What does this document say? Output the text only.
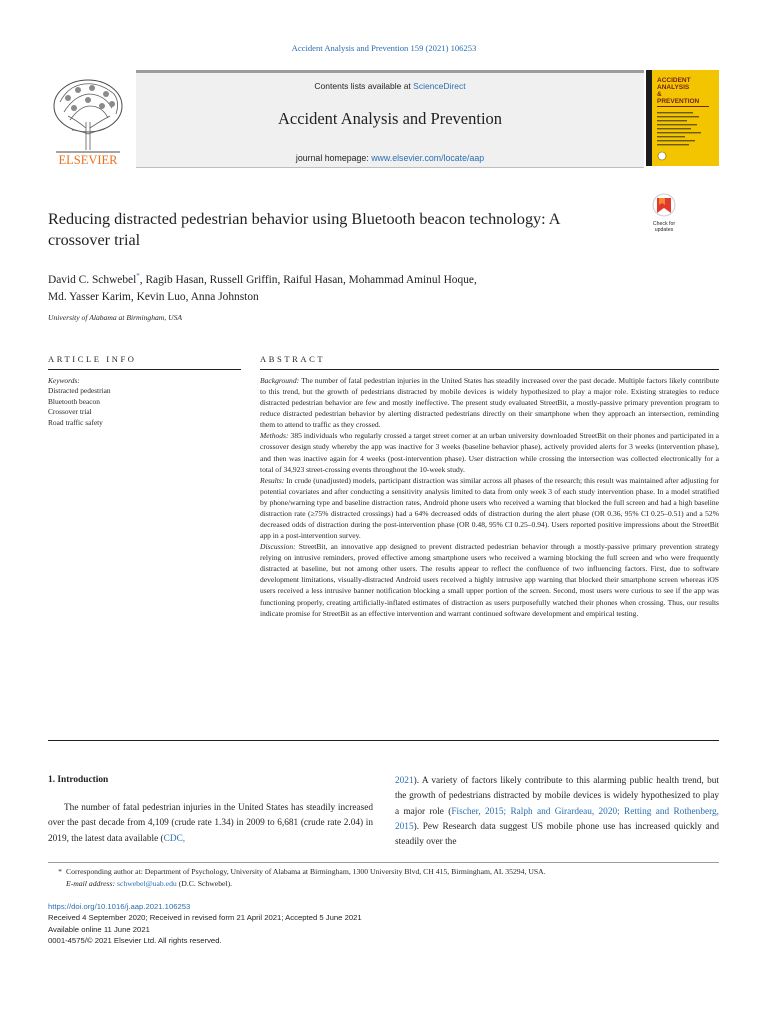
Accident Analysis and Prevention 159 (2021) 106253
ELSEVIER
Contents lists available at ScienceDirect
Accident Analysis and Prevention
journal homepage: www.elsevier.com/locate/aap
ACCIDENT
ANALYSIS
&
PREVENTION
Reducing distracted pedestrian behavior using Bluetooth beacon technology: A crossover trial
Check for
updates
David C. Schwebel*, Ragib Hasan, Russell Griffin, Raiful Hasan, Mohammad Aminul Hoque,
Md. Yasser Karim, Kevin Luo, Anna Johnston
University of Alabama at Birmingham, USA
ARTICLE INFO
Keywords:
Distracted pedestrian
Bluetooth beacon
Crossover trial
Road traffic safety
ABSTRACT

Background: The number of fatal pedestrian injuries in the United States has steadily increased over the past decade. Multiple factors likely contribute to this trend, but the growth of pedestrians distracted by mobile devices is widely hypothesized to play a major role. Existing strategies to reduce distracted pedestrian behavior are few and mostly ineffective. The present study evaluated StreetBit, a mostly-passive primary prevention program to reduce distracted pedestrian behavior by alerting distracted pedestrians directly on their smartphone when they approach an intersection, reminding them to attend to traffic as they crossed.

Methods: 385 individuals who regularly crossed a target street corner at an urban university downloaded StreetBit on their phones and participated in a crossover design study whereby the app was inactive for 3 weeks (baseline behavior phase), actively provided alerts for 3 weeks (intervention phase), and then was inactive again for 4 weeks (post-intervention phase). User distraction while crossing the intersection was collected electronically for a total of 34,923 street-crossing events throughout the 10-week study.

Results: In crude (unadjusted) models, participant distraction was similar across all phases of the research; this result was maintained after adjusting for potential covariates and after conducting a sensitivity analysis limited to data from only week 3 of each study intervention phase. In a model stratified by phone/warning type and baseline distraction rates, Android phone users who received a warning that blocked the full screen and had a high baseline distraction rate (≥75% distracted crossings) had a 64% decreased odds of distraction during the alert phase (OR 0.36, 95% CI 0.25–0.51) and a 52% decreased odds of distraction during the post-intervention phase (OR 0.48, 95% CI 0.25–0.94). Users reported positive impressions about the StreetBit app in a post-intervention survey.

Discussion: StreetBit, an innovative app designed to prevent distracted pedestrian behavior through a mostly-passive primary prevention strategy relying on intrusive reminders, proved effective among smartphone users who received a warning blocking the full screen and who were frequently distracted at baseline, but not among other users. The results appear to reflect the confluence of two influencing factors. First, due to software development limitations, visually-distracted Android users received a highly intrusive app warning that blocked their smartphone screen whereas iOS users received a less intrusive banner notification blocking a small upper portion of the screen. Second, most users were curious to see if the app was functioning properly, creating artificially-inflated estimates of distraction as users purposefully watched their phones when crossing. Thus, our results indicate promise for StreetBit as an effective intervention and warrant continued software development and empirical testing.

1. Introduction
The number of fatal pedestrian injuries in the United States has steadily increased over the past decade from 4,109 (crude rate 1.34) in 2009 to 6,681 (crude rate 2.04) in 2019, the latest data available (CDC,
2021). A variety of factors likely contribute to this alarming public health trend, but the growth of pedestrians distracted by mobile devices is widely hypothesized to play a major role (Fischer, 2015; Ralph and Girardeau, 2020; Retting and Rothenberg, 2015). Pew Research data suggest US mobile phone use has increased quickly and steadily over the
* Corresponding author at: Department of Psychology, University of Alabama at Birmingham, 1300 University Blvd, CH 415, Birmingham, AL 35294, USA.
E-mail address: schwebel@uab.edu (D.C. Schwebel).
https://doi.org/10.1016/j.aap.2021.106253
Received 4 September 2020; Received in revised form 21 April 2021; Accepted 5 June 2021
Available online 11 June 2021
0001-4575/© 2021 Elsevier Ltd. All rights reserved.
